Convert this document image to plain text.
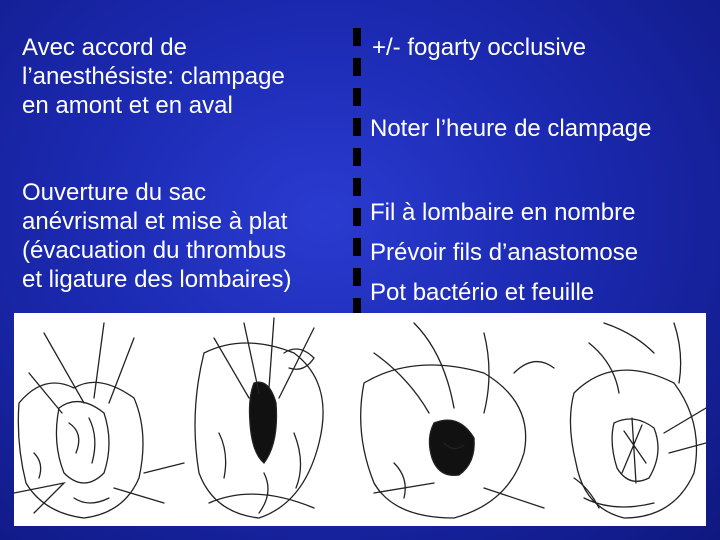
Avec accord de
l’anesthésiste: clampage
en amont et en aval
Ouverture du sac
anévrismal et mise à plat
(évacuation du thrombus
et ligature des lombaires)
+/- fogarty occlusive
Noter l’heure de clampage
Fil à lombaire en nombre
Prévoir fils d’anastomose
Pot bactério et feuille
